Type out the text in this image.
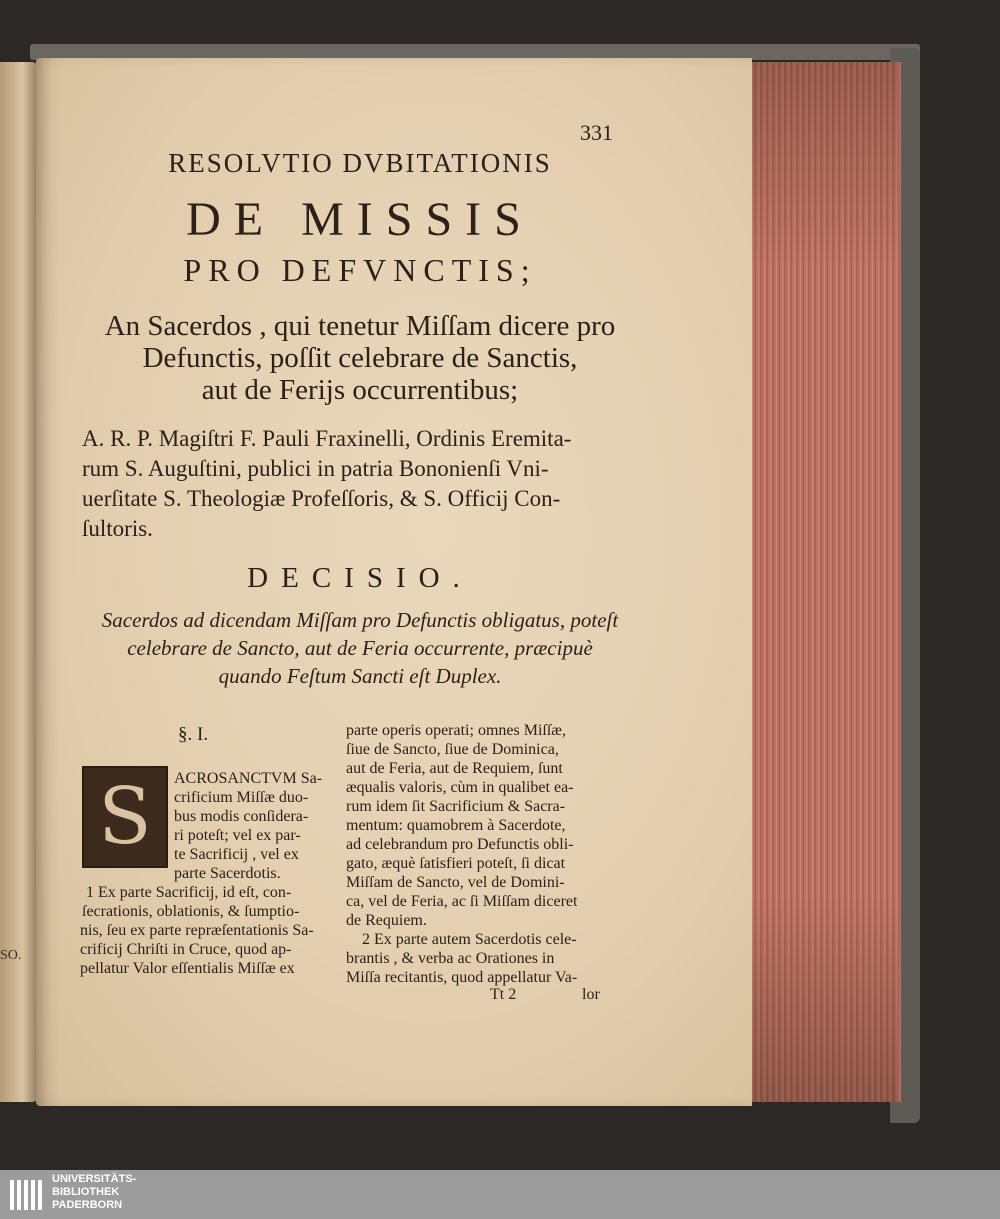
SO.
331
RESOLVTIO DVBITATIONIS
DE MISSIS
PRO DEFVNCTIS;
An Sacerdos , qui tenetur Miſſam dicere pro
Defunctis, poſſit celebrare de Sanctis,
aut de Ferijs occurrentibus;
A. R. P. Magiſtri F. Pauli Fraxinelli, Ordinis Eremita-
rum S. Auguſtini, publici in patria Bononienſi Vni-
uerſitate S. Theologiæ Profeſſoris, & S. Officij Con-
ſultoris.
DECISIO.
Sacerdos ad dicendam Miſſam pro Defunctis obligatus, poteſt
celebrare de Sancto, aut de Feria occurrente, præcipuè
quando Feſtum Sancti eſt Duplex.
§. I.
S ACROSANCTVM Sa-
crificium Miſſæ duo-
bus modis conſidera-
ri poteſt; vel ex par-
te Sacrificij , vel ex
parte Sacerdotis.
1 Ex parte Sacrificij, id eſt, con-
ſecrationis, oblationis, & ſumptio-
nis, ſeu ex parte repræſentationis Sa-
crificij Chriſti in Cruce, quod ap-
pellatur Valor eſſentialis Miſſæ ex
parte operis operati; omnes Miſſæ,
ſiue de Sancto, ſiue de Dominica,
aut de Feria, aut de Requiem, ſunt
æqualis valoris, cùm in qualibet ea-
rum idem ſit Sacrificium & Sacra-
mentum: quamobrem à Sacerdote,
ad celebrandum pro Defunctis obli-
gato, æquè ſatisfieri poteſt, ſi dicat
Miſſam de Sancto, vel de Domini-
ca, vel de Feria, ac ſi Miſſam diceret
de Requiem.
2 Ex parte autem Sacerdotis cele-
brantis , & verba ac Orationes in
Miſſa recitantis, quod appellatur Va-
Tt 2	lor
UNIVERSITÄTS-
BIBLIOTHEK
PADERBORN
